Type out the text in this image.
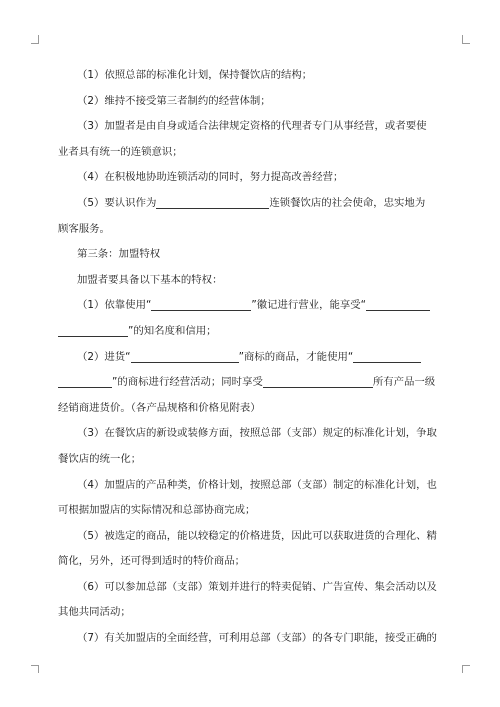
（1）依照总部的标准化计划，保持餐饮店的结构；
（2）维持不接受第三者制约的经营体制；
（3）加盟者是由自身或适合法律规定资格的代理者专门从事经营，或者要使
业者具有统一的连锁意识；
（4）在积极地协助连锁活动的同时，努力提高改善经营；
（5）要认识作为	连锁餐饮店的社会使命，忠实地为
顾客服务。
第三条：加盟特权
加盟者要具备以下基本的特权：
（1）依靠使用“	”徽记进行营业，能享受“
”的知名度和信用；
（2）进货“	”商标的商品，才能使用“
”的商标进行经营活动；同时享受	所有产品一级
经销商进货价。（各产品规格和价格见附表）
（3）在餐饮店的新设或装修方面，按照总部（支部）规定的标准化计划，争取
餐饮店的统一化；
（4）加盟店的产品种类，价格计划，按照总部（支部）制定的标准化计划，也
可根据加盟店的实际情况和总部协商完成；
（5）被选定的商品，能以较稳定的价格进货，因此可以获取进货的合理化、精
简化，另外，还可得到适时的特价商品；
（6）可以参加总部（支部）策划并进行的特卖促销、广告宣传、集会活动以及
其他共同活动；
（7）有关加盟店的全面经营，可利用总部（支部）的各专门职能，接受正确的
